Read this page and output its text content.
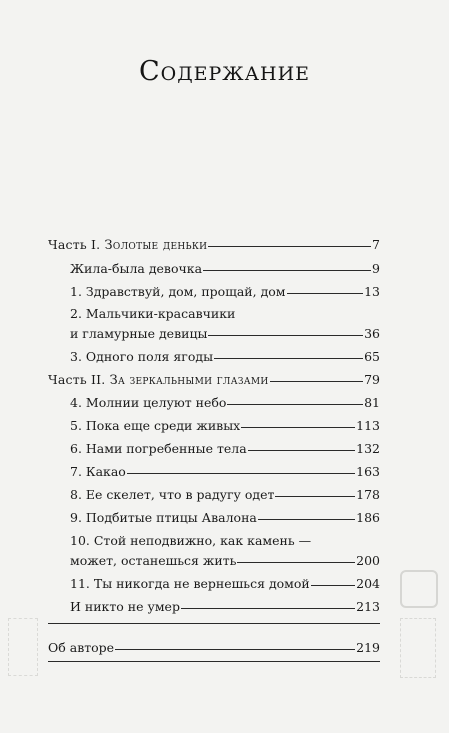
Содержание
Часть I. Золотые деньки	7
Жила-была девочка	9
1. Здравствуй, дом, прощай, дом	13
2. Мальчики-красавчики
и гламурные девицы	36
3. Одного поля ягоды	65
Часть II. За зеркальными глазами	79
4. Молнии целуют небо	81
5. Пока еще среди живых	113
6. Нами погребенные тела	132
7. Какао	163
8. Ее скелет, что в радугу одет	178
9. Подбитые птицы Авалона	186
10. Стой неподвижно, как камень —
может, останешься жить	200
11. Ты никогда не вернешься домой	204
И никто не умер	213
Об авторе	219
